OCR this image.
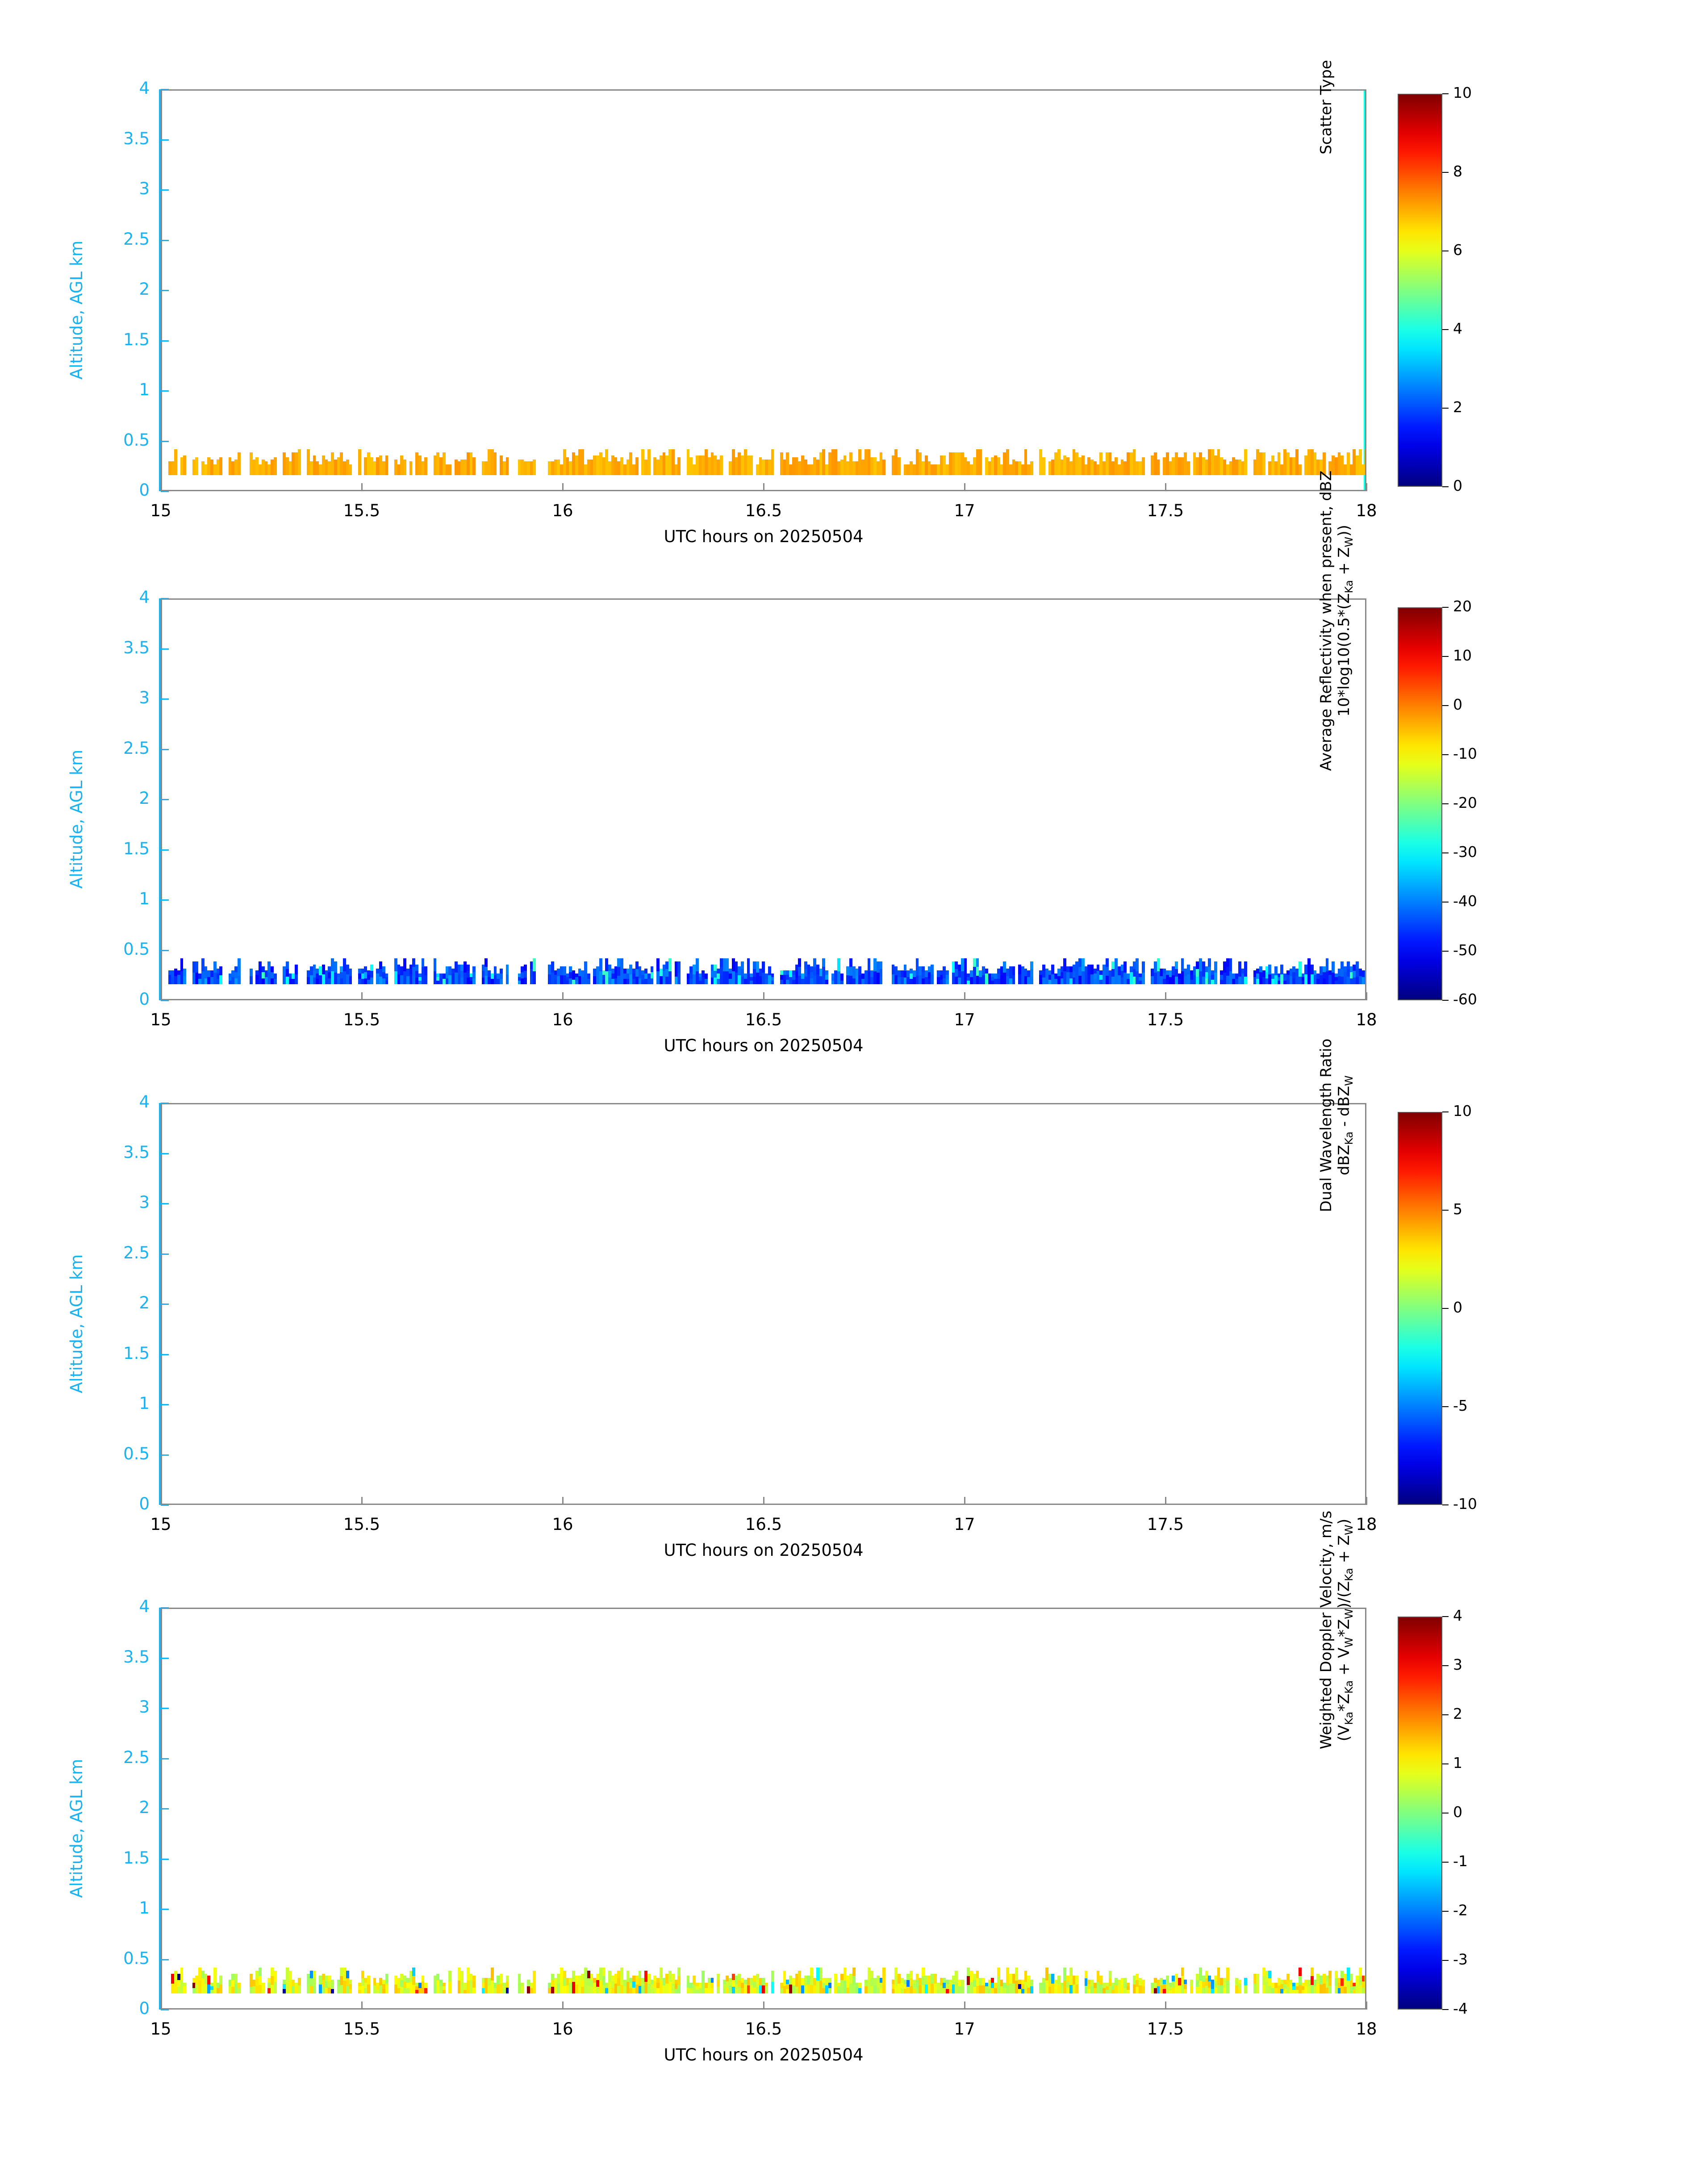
0
0.5
1
1.5
2
2.5
3
3.5
4
15	15.5	16	16.5	17	17.5	18
Altitude, AGL km
UTC hours on 20250504
0
2
4
6
8
10
Scatter Type
0
0.5
1
1.5
2
2.5
3
3.5
4
15	15.5	16	16.5	17	17.5	18
Altitude, AGL km
UTC hours on 20250504
-60
-50
-40
-30
-20
-10
0
10
20
Average Reflectivity when present, dBZ
$10*\log 10(0.5*(Z_{Ka} + Z_W))$
0
0.5
1
1.5
2
2.5
3
3.5
4
15	15.5	16	16.5	17	17.5	18
Altitude, AGL km
UTC hours on 20250504
-10
-5
0
5
10
Dual Wavelength Ratio
dBZ$_{Ka}$ - dBZ$_W$
0
0.5
1
1.5
2
2.5
3
3.5
4
15	15.5	16	16.5	17	17.5	18
Altitude, AGL km
UTC hours on 20250504
-4
-3
-2
-1
0
1
2
3
4
Weighted Doppler Velocity, m/s
$(V_{Ka}*Z_{Ka} + V_W*Z_W)/(Z_{Ka} + Z_W)$
